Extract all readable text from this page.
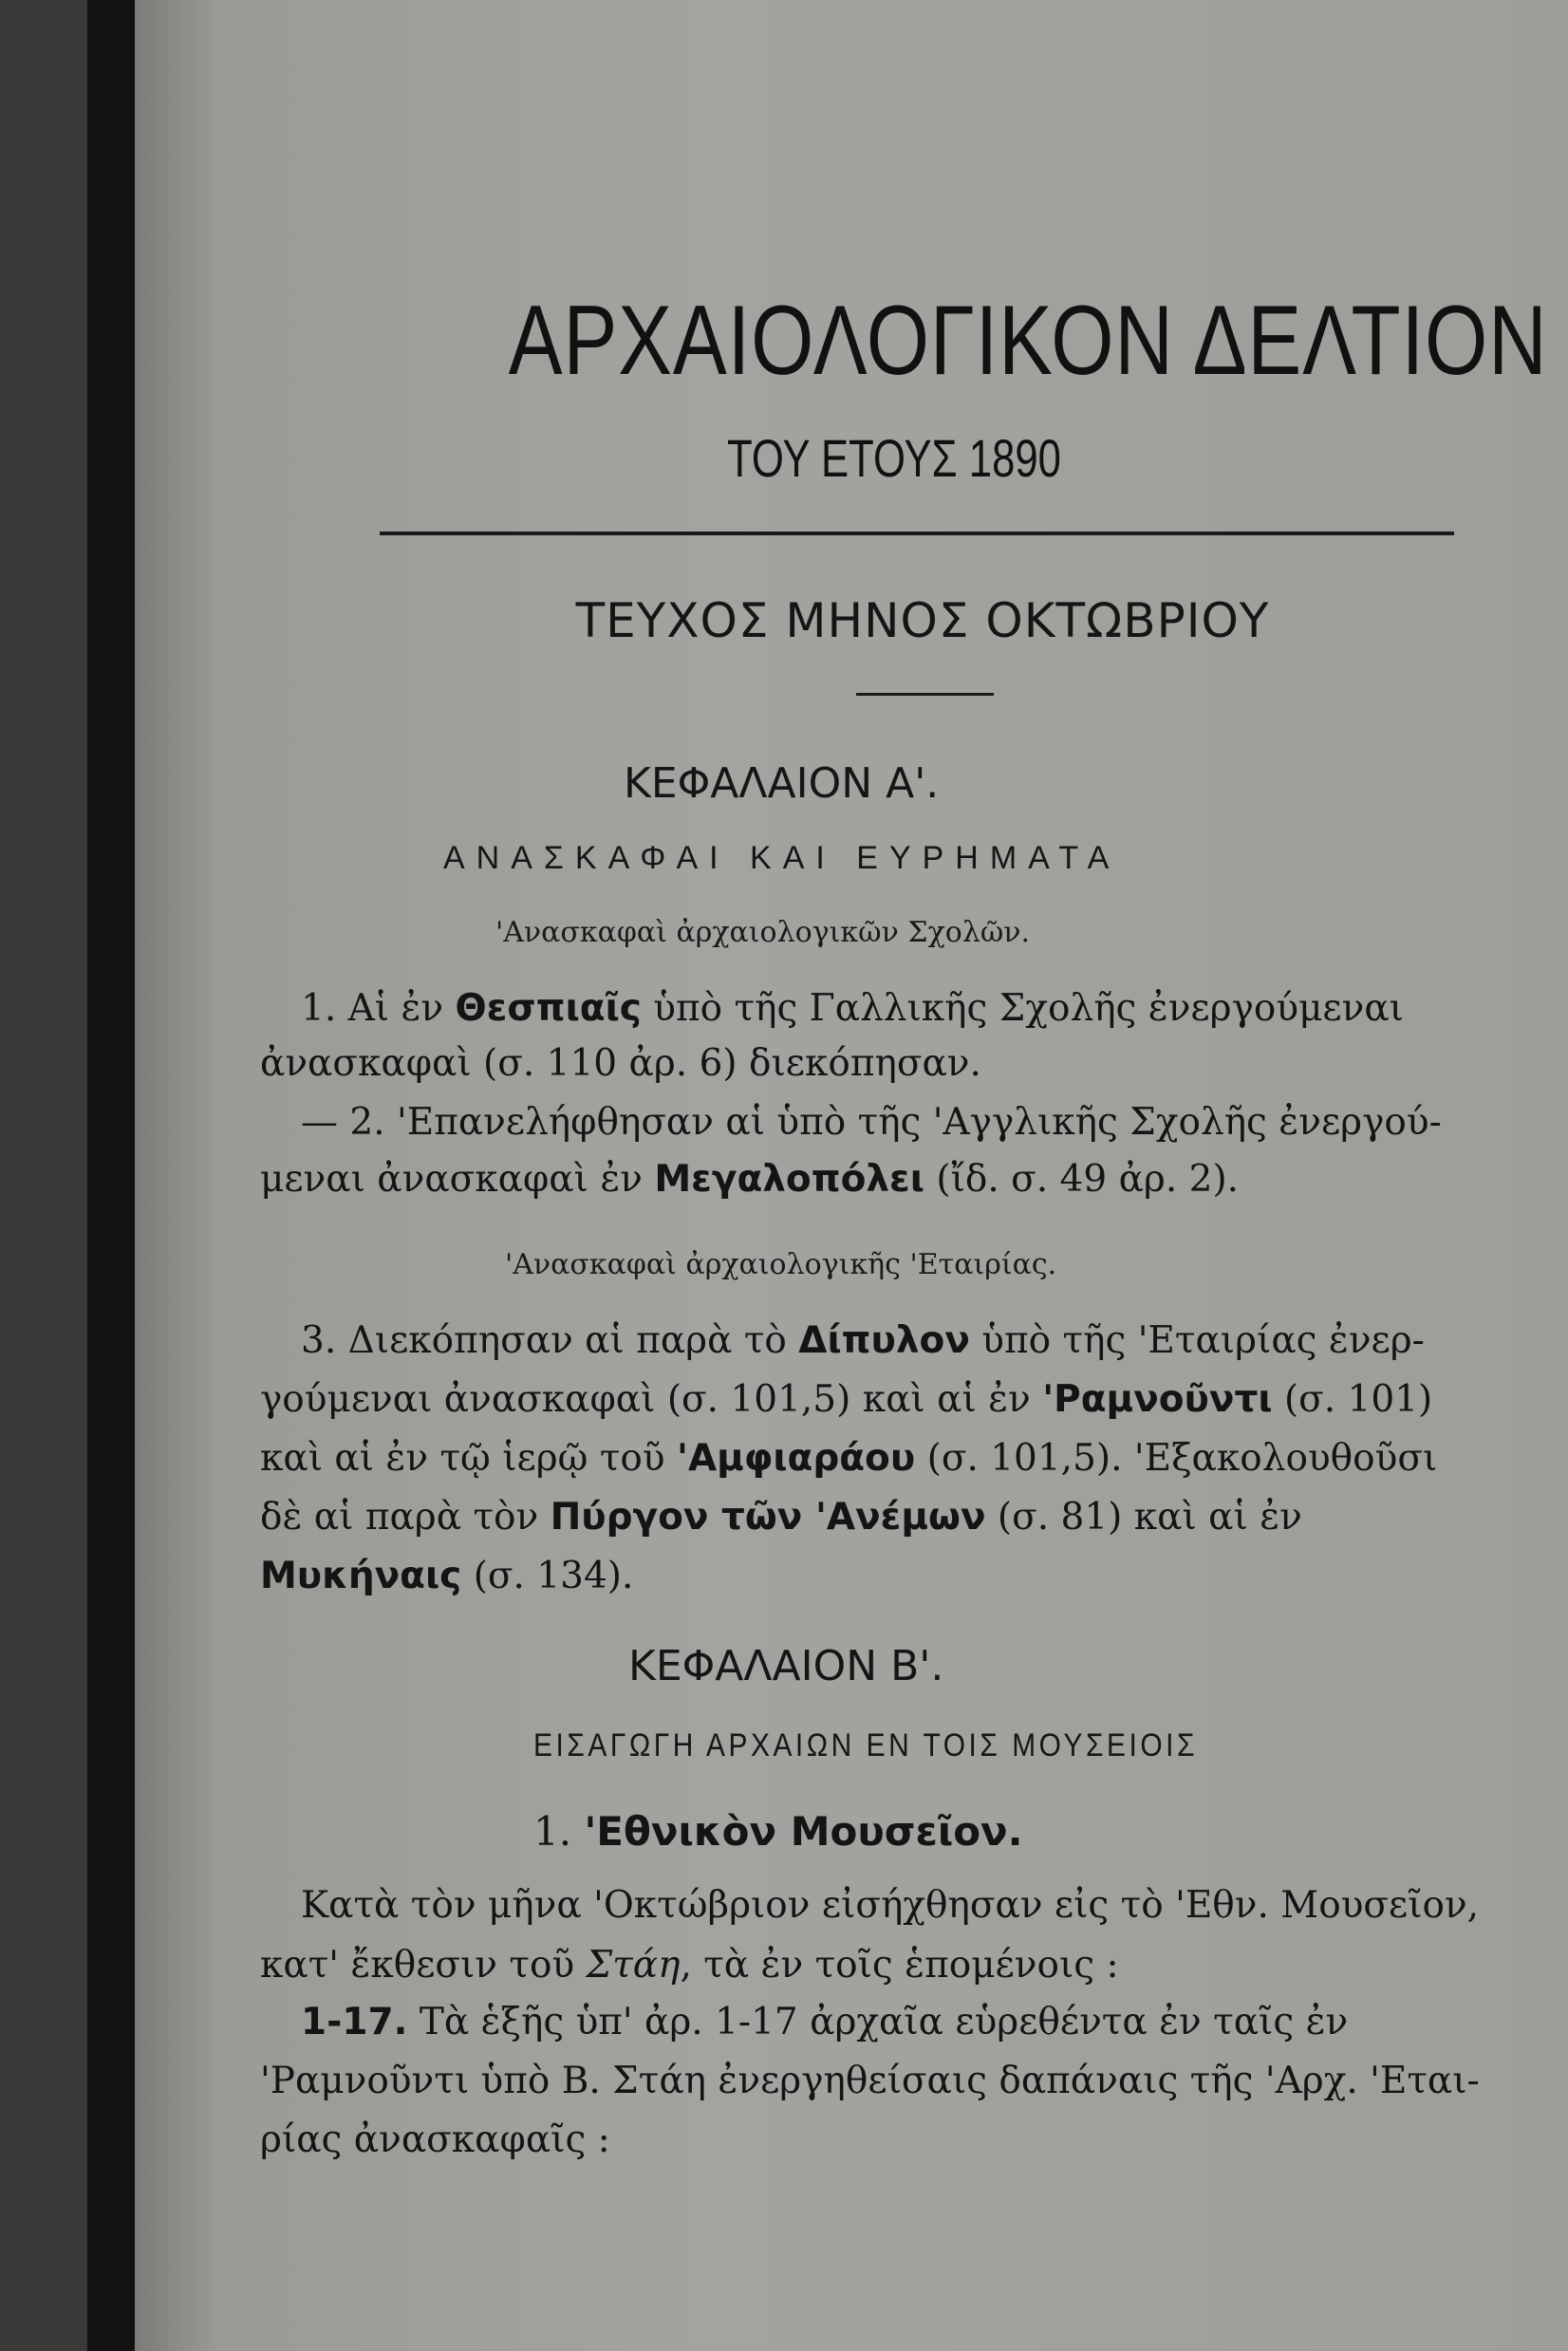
ΑΡΧΑΙΟΛΟΓΙΚΟΝ ΔΕΛΤΙΟΝ
ΤΟΥ ΕΤΟΥΣ 1890
ΤΕΥΧΟΣ ΜΗΝΟΣ ΟΚΤΩΒΡΙΟΥ
ΚΕΦΑΛΑΙΟΝ Α'.
ΑΝΑΣΚΑΦΑΙ ΚΑΙ ΕΥΡΗΜΑΤΑ
'Ανασκαφαὶ ἀρχαιολογικῶν Σχολῶν.
1. Αἱ ἐν Θεσπιαῖς ὑπὸ τῆς Γαλλικῆς Σχολῆς ἐνεργούμεναι
ἀνασκαφαὶ (σ. 110 ἀρ. 6) διεκόπησαν.
— 2. 'Επανελήφθησαν αἱ ὑπὸ τῆς 'Αγγλικῆς Σχολῆς ἐνεργού-
μεναι ἀνασκαφαὶ ἐν Μεγαλοπόλει (ἴδ. σ. 49 ἀρ. 2).
'Ανασκαφαὶ ἀρχαιολογικῆς 'Εταιρίας.
3. Διεκόπησαν αἱ παρὰ τὸ Δίπυλον ὑπὸ τῆς 'Εταιρίας ἐνερ-
γούμεναι ἀνασκαφαὶ (σ. 101,5) καὶ αἱ ἐν 'Ραμνοῦντι (σ. 101)
καὶ αἱ ἐν τῷ ἱερῷ τοῦ 'Αμφιαράου (σ. 101,5). 'Εξακολουθοῦσι
δὲ αἱ παρὰ τὸν Πύργον τῶν 'Ανέμων (σ. 81) καὶ αἱ ἐν
Μυκήναις (σ. 134).
ΚΕΦΑΛΑΙΟΝ Β'.
ΕΙΣΑΓΩΓΗ ΑΡΧΑΙΩΝ ΕΝ ΤΟΙΣ ΜΟΥΣΕΙΟΙΣ
1. 'Εθνικὸν Μουσεῖον.
Κατὰ τὸν μῆνα 'Οκτώβριον εἰσήχθησαν εἰς τὸ 'Εθν. Μουσεῖον,
κατ' ἔκθεσιν τοῦ Στάη, τὰ ἐν τοῖς ἑπομένοις :
1-17. Τὰ ἑξῆς ὑπ' ἀρ. 1-17 ἀρχαῖα εὑρεθέντα ἐν ταῖς ἐν
'Ραμνοῦντι ὑπὸ Β. Στάη ἐνεργηθείσαις δαπάναις τῆς 'Αρχ. 'Εται-
ρίας ἀνασκαφαῖς :
